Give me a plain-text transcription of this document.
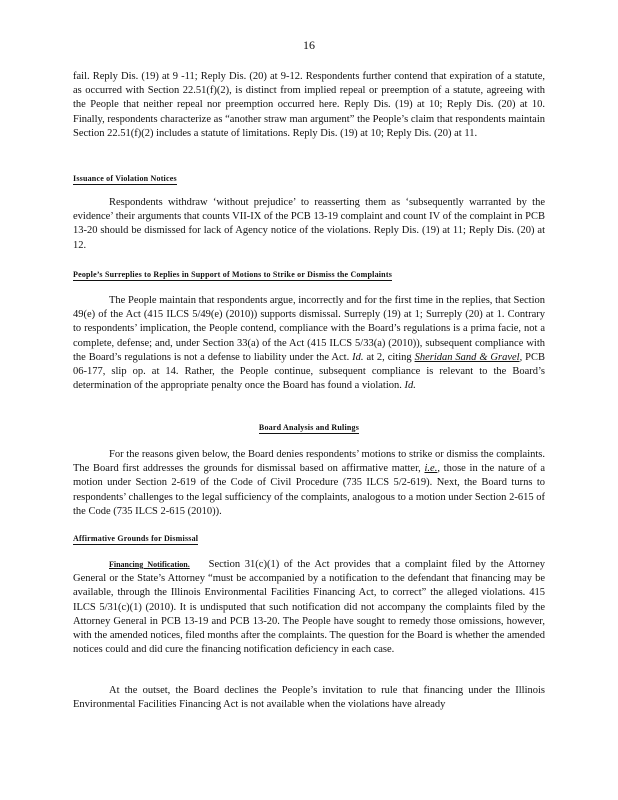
16

fail. Reply Dis. (19) at 9 -11; Reply Dis. (20) at 9-12. Respondents further contend that expiration of a statute, as occurred with Section 22.51(f)(2), is distinct from implied repeal or preemption of a statute, agreeing with the People that neither repeal nor preemption occurred here. Reply Dis. (19) at 10; Reply Dis. (20) at 10. Finally, respondents characterize as “another straw man argument” the People’s claim that respondents maintain Section 22.51(f)(2) includes a statute of limitations. Reply Dis. (19) at 10; Reply Dis. (20) at 11.

Issuance of Violation Notices

Respondents withdraw ‘without prejudice’ to reasserting them as ‘subsequently warranted by the evidence’ their arguments that counts VII-IX of the PCB 13-19 complaint and count IV of the complaint in PCB 13-20 should be dismissed for lack of Agency notice of the violations. Reply Dis. (19) at 11; Reply Dis. (20) at 12.

People’s Surreplies to Replies in Support of Motions to Strike or Dismiss the Complaints

The People maintain that respondents argue, incorrectly and for the first time in the replies, that Section 49(e) of the Act (415 ILCS 5/49(e) (2010)) supports dismissal. Surreply (19) at 1; Surreply (20) at 1. Contrary to respondents’ implication, the People contend, compliance with the Board’s regulations is a prima facie, not a complete, defense; and, under Section 33(a) of the Act (415 ILCS 5/33(a) (2010)), subsequent compliance with the Board’s regulations is not a defense to liability under the Act. Id. at 2, citing Sheridan Sand & Gravel, PCB 06-177, slip op. at 14. Rather, the People continue, subsequent compliance is relevant to the Board’s determination of the appropriate penalty once the Board has found a violation. Id.

Board Analysis and Rulings

For the reasons given below, the Board denies respondents’ motions to strike or dismiss the complaints. The Board first addresses the grounds for dismissal based on affirmative matter, i.e., those in the nature of a motion under Section 2-619 of the Code of Civil Procedure (735 ILCS 5/2-619). Next, the Board turns to respondents’ challenges to the legal sufficiency of the complaints, analogous to a motion under Section 2-615 of the Code (735 ILCS 2-615 (2010)).

Affirmative Grounds for Dismissal

Financing Notification. Section 31(c)(1) of the Act provides that a complaint filed by the Attorney General or the State’s Attorney “must be accompanied by a notification to the defendant that financing may be available, through the Illinois Environmental Facilities Financing Act, to correct” the alleged violations. 415 ILCS 5/31(c)(1) (2010). It is undisputed that such notification did not accompany the complaints filed by the Attorney General in PCB 13-19 and PCB 13-20. The People have sought to remedy those omissions, however, with the amended notices, filed months after the complaints. The question for the Board is whether the amended notices could and did cure the financing notification deficiency in each case.

At the outset, the Board declines the People’s invitation to rule that financing under the Illinois Environmental Facilities Financing Act is not available when the violations have already
